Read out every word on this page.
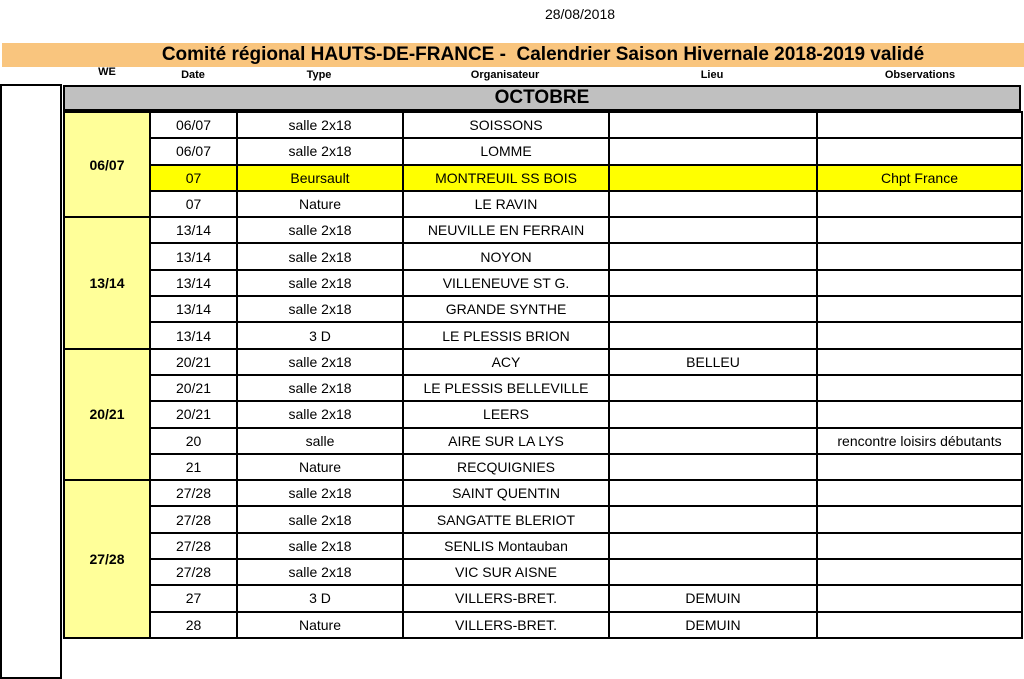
28/08/2018
Comité régional HAUTS-DE-FRANCE -  Calendrier Saison Hivernale 2018-2019 validé
WE	Date	Type	Organisateur	Lieu	Observations
OCTOBRE
06/07	06/07	salle 2x18	SOISSONS		
	06/07	salle 2x18	LOMME		
	07	Beursault	MONTREUIL SS BOIS		Chpt France
	07	Nature	LE RAVIN		
13/14	13/14	salle 2x18	NEUVILLE EN FERRAIN		
	13/14	salle 2x18	NOYON		
	13/14	salle 2x18	VILLENEUVE ST G.		
	13/14	salle 2x18	GRANDE SYNTHE		
	13/14	3 D	LE PLESSIS BRION		
20/21	20/21	salle 2x18	ACY	BELLEU	
	20/21	salle 2x18	LE PLESSIS BELLEVILLE		
	20/21	salle 2x18	LEERS		
	20	salle	AIRE SUR LA LYS		rencontre loisirs débutants
	21	Nature	RECQUIGNIES		
27/28	27/28	salle 2x18	SAINT QUENTIN		
	27/28	salle 2x18	SANGATTE BLERIOT		
	27/28	salle 2x18	SENLIS Montauban		
	27/28	salle 2x18	VIC SUR AISNE		
	27	3 D	VILLERS-BRET.	DEMUIN	
	28	Nature	VILLERS-BRET.	DEMUIN	
